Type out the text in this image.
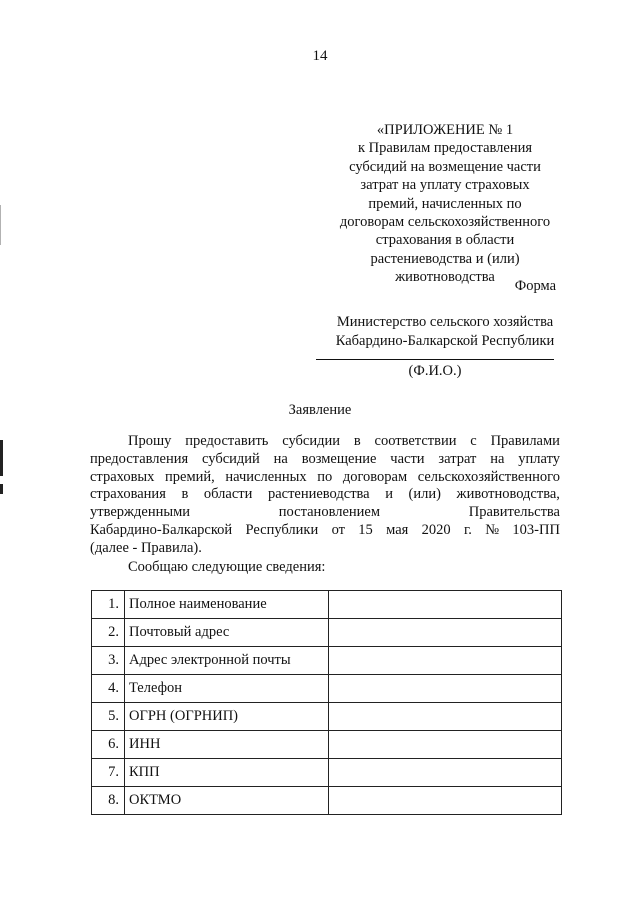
14
«ПРИЛОЖЕНИЕ № 1
к Правилам предоставления
субсидий на возмещение части
затрат на уплату страховых
премий, начисленных по
договорам сельскохозяйственного
страхования в области
растениеводства и (или)
животноводства
Форма
Министерство сельского хозяйства
Кабардино-Балкарской Республики
(Ф.И.О.)
Заявление
Прошу предоставить субсидии в соответствии с Правилами
предоставления субсидий на возмещение части затрат на уплату
страховых премий, начисленных по договорам сельскохозяйственного
страхования в области растениеводства и (или) животноводства,
утвержденными	постановлением	Правительства
Кабардино-Балкарской Республики от 15 мая 2020 г. № 103-ПП
(далее - Правила).
Сообщаю следующие сведения:
1.	Полное наименование	
2.	Почтовый адрес	
3.	Адрес электронной почты	
4.	Телефон	
5.	ОГРН (ОГРНИП)	
6.	ИНН	
7.	КПП	
8.	ОКТМО	
